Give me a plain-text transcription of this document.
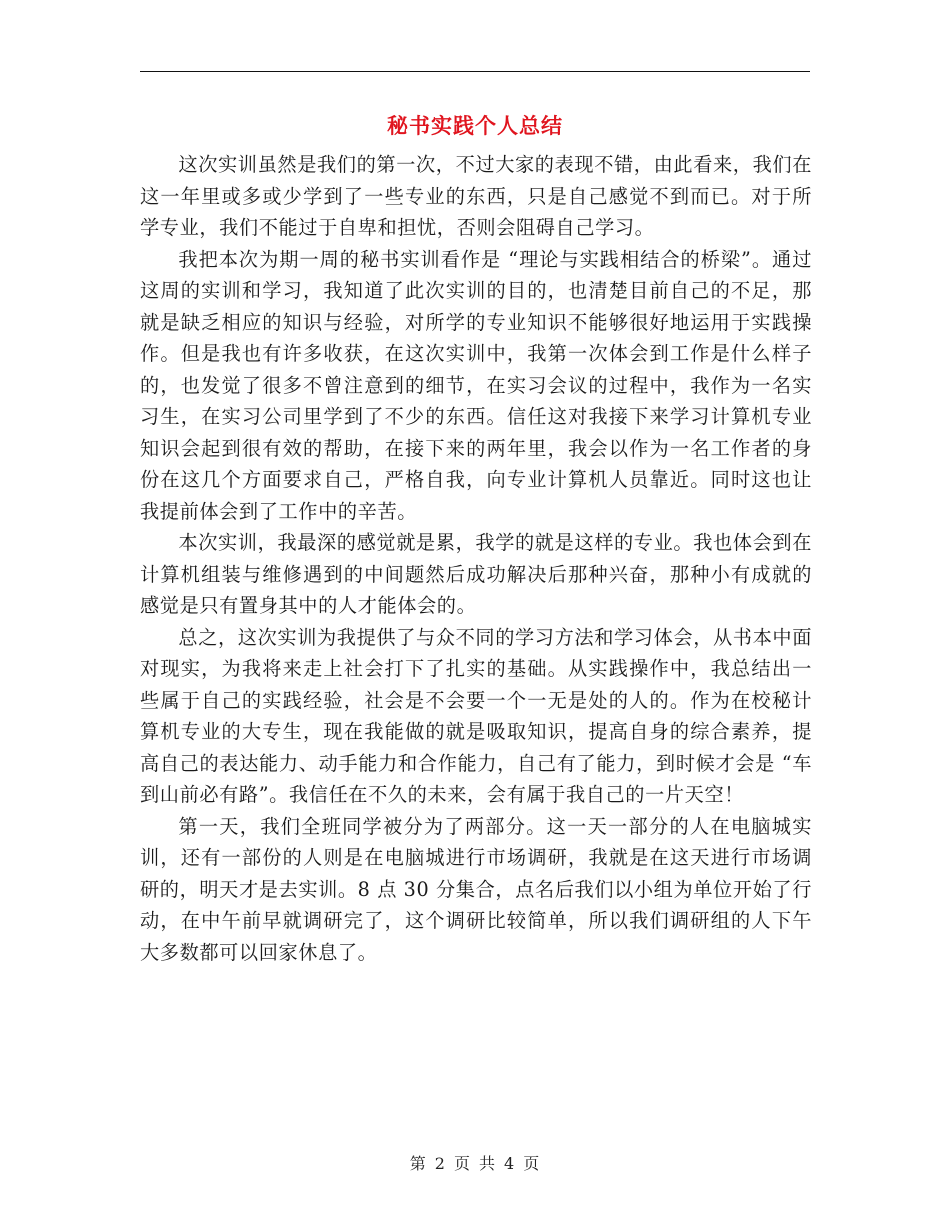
秘书实践个人总结

这次实训虽然是我们的第一次，不过大家的表现不错，由此看来，我们在这一年里或多或少学到了一些专业的东西，只是自己感觉不到而已。对于所学专业，我们不能过于自卑和担忧，否则会阻碍自己学习。

我把本次为期一周的秘书实训看作是 “理论与实践相结合的桥梁”。通过这周的实训和学习，我知道了此次实训的目的，也清楚目前自己的不足，那就是缺乏相应的知识与经验，对所学的专业知识不能够很好地运用于实践操作。但是我也有许多收获，在这次实训中，我第一次体会到工作是什么样子的，也发觉了很多不曾注意到的细节，在实习会议的过程中，我作为一名实习生，在实习公司里学到了不少的东西。信任这对我接下来学习计算机专业知识会起到很有效的帮助，在接下来的两年里，我会以作为一名工作者的身份在这几个方面要求自己，严格自我，向专业计算机人员靠近。同时这也让我提前体会到了工作中的辛苦。

本次实训，我最深的感觉就是累，我学的就是这样的专业。我也体会到在计算机组装与维修遇到的中间题然后成功解决后那种兴奋，那种小有成就的感觉是只有置身其中的人才能体会的。

总之，这次实训为我提供了与众不同的学习方法和学习体会，从书本中面对现实，为我将来走上社会打下了扎实的基础。从实践操作中，我总结出一些属于自己的实践经验，社会是不会要一个一无是处的人的。作为在校秘计算机专业的大专生，现在我能做的就是吸取知识，提高自身的综合素养，提高自己的表达能力、动手能力和合作能力，自己有了能力，到时候才会是 “车到山前必有路”。我信任在不久的未来，会有属于我自己的一片天空！

第一天，我们全班同学被分为了两部分。这一天一部分的人在电脑城实训，还有一部份的人则是在电脑城进行市场调研，我就是在这天进行市场调研的，明天才是去实训。8 点 30 分集合，点名后我们以小组为单位开始了行动，在中午前早就调研完了，这个调研比较简单，所以我们调研组的人下午大多数都可以回家休息了。

第 2 页 共 4 页
